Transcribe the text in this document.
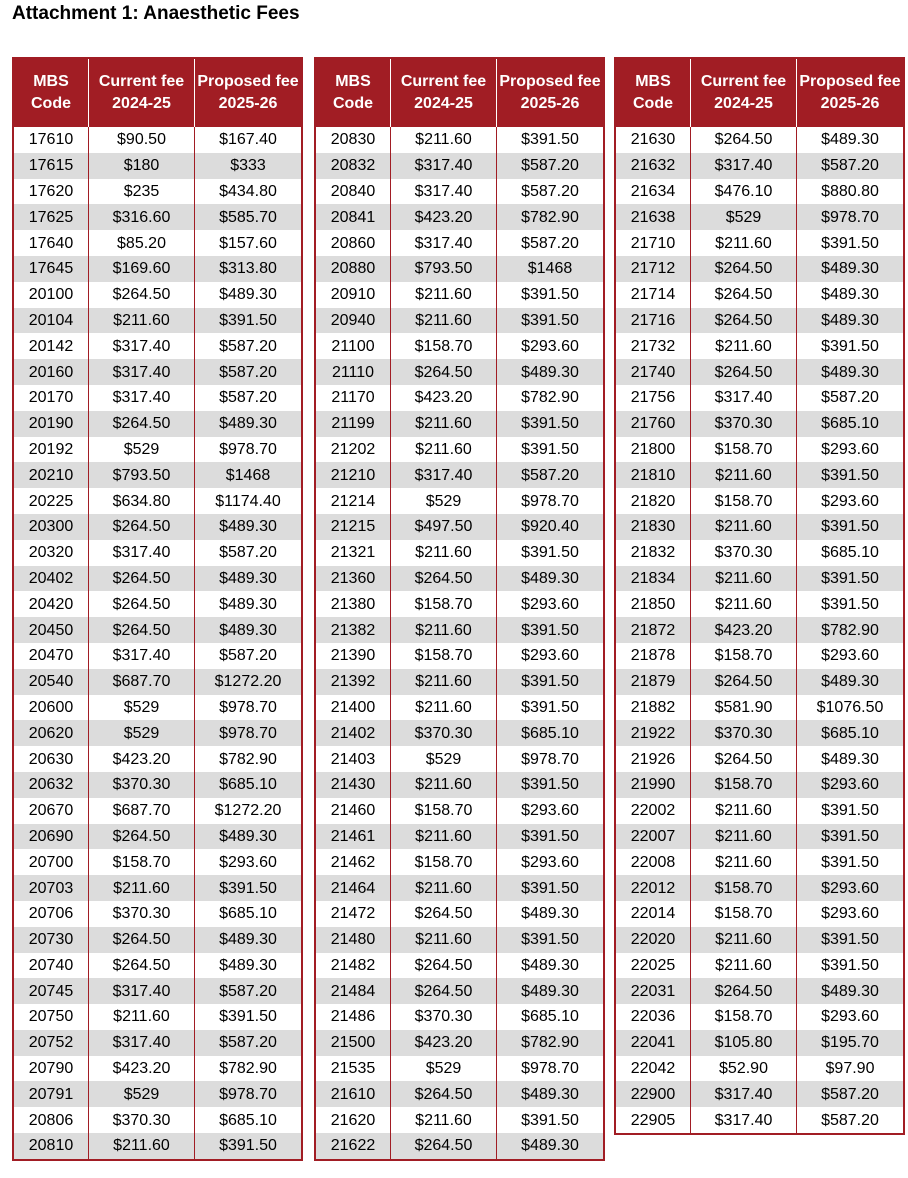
Attachment 1: Anaesthetic Fees
MBS Code	Current fee 2024-25	Proposed fee 2025-26
17610	$90.50	$167.40
17615	$180	$333
17620	$235	$434.80
17625	$316.60	$585.70
17640	$85.20	$157.60
17645	$169.60	$313.80
20100	$264.50	$489.30
20104	$211.60	$391.50
20142	$317.40	$587.20
20160	$317.40	$587.20
20170	$317.40	$587.20
20190	$264.50	$489.30
20192	$529	$978.70
20210	$793.50	$1468
20225	$634.80	$1174.40
20300	$264.50	$489.30
20320	$317.40	$587.20
20402	$264.50	$489.30
20420	$264.50	$489.30
20450	$264.50	$489.30
20470	$317.40	$587.20
20540	$687.70	$1272.20
20600	$529	$978.70
20620	$529	$978.70
20630	$423.20	$782.90
20632	$370.30	$685.10
20670	$687.70	$1272.20
20690	$264.50	$489.30
20700	$158.70	$293.60
20703	$211.60	$391.50
20706	$370.30	$685.10
20730	$264.50	$489.30
20740	$264.50	$489.30
20745	$317.40	$587.20
20750	$211.60	$391.50
20752	$317.40	$587.20
20790	$423.20	$782.90
20791	$529	$978.70
20806	$370.30	$685.10
20810	$211.60	$391.50
MBS Code	Current fee 2024-25	Proposed fee 2025-26
20830	$211.60	$391.50
20832	$317.40	$587.20
20840	$317.40	$587.20
20841	$423.20	$782.90
20860	$317.40	$587.20
20880	$793.50	$1468
20910	$211.60	$391.50
20940	$211.60	$391.50
21100	$158.70	$293.60
21110	$264.50	$489.30
21170	$423.20	$782.90
21199	$211.60	$391.50
21202	$211.60	$391.50
21210	$317.40	$587.20
21214	$529	$978.70
21215	$497.50	$920.40
21321	$211.60	$391.50
21360	$264.50	$489.30
21380	$158.70	$293.60
21382	$211.60	$391.50
21390	$158.70	$293.60
21392	$211.60	$391.50
21400	$211.60	$391.50
21402	$370.30	$685.10
21403	$529	$978.70
21430	$211.60	$391.50
21460	$158.70	$293.60
21461	$211.60	$391.50
21462	$158.70	$293.60
21464	$211.60	$391.50
21472	$264.50	$489.30
21480	$211.60	$391.50
21482	$264.50	$489.30
21484	$264.50	$489.30
21486	$370.30	$685.10
21500	$423.20	$782.90
21535	$529	$978.70
21610	$264.50	$489.30
21620	$211.60	$391.50
21622	$264.50	$489.30
MBS Code	Current fee 2024-25	Proposed fee 2025-26
21630	$264.50	$489.30
21632	$317.40	$587.20
21634	$476.10	$880.80
21638	$529	$978.70
21710	$211.60	$391.50
21712	$264.50	$489.30
21714	$264.50	$489.30
21716	$264.50	$489.30
21732	$211.60	$391.50
21740	$264.50	$489.30
21756	$317.40	$587.20
21760	$370.30	$685.10
21800	$158.70	$293.60
21810	$211.60	$391.50
21820	$158.70	$293.60
21830	$211.60	$391.50
21832	$370.30	$685.10
21834	$211.60	$391.50
21850	$211.60	$391.50
21872	$423.20	$782.90
21878	$158.70	$293.60
21879	$264.50	$489.30
21882	$581.90	$1076.50
21922	$370.30	$685.10
21926	$264.50	$489.30
21990	$158.70	$293.60
22002	$211.60	$391.50
22007	$211.60	$391.50
22008	$211.60	$391.50
22012	$158.70	$293.60
22014	$158.70	$293.60
22020	$211.60	$391.50
22025	$211.60	$391.50
22031	$264.50	$489.30
22036	$158.70	$293.60
22041	$105.80	$195.70
22042	$52.90	$97.90
22900	$317.40	$587.20
22905	$317.40	$587.20
